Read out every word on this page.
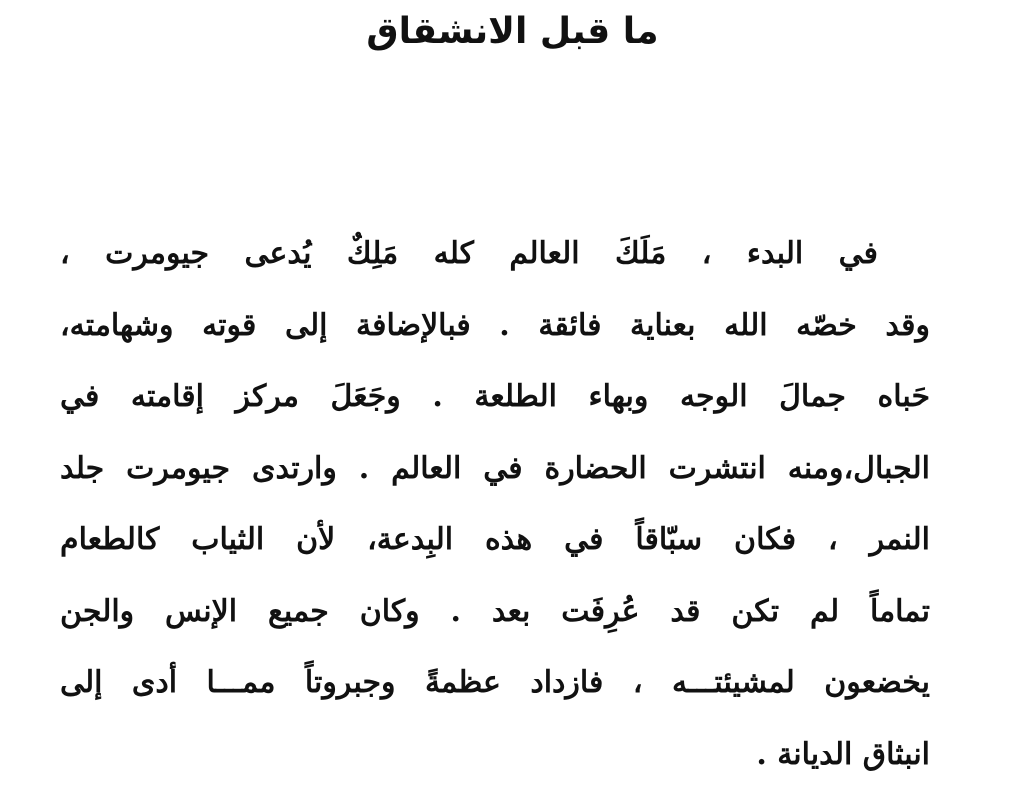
ما قبل الانشقاق
في البدء ، مَلَكَ العالم كله مَلِكٌ يُدعى جيومرت ،
وقد خصّه الله بعناية فائقة . فبالإضافة إلى قوته وشهامته،
حَباه جمالَ الوجه وبهاء الطلعة . وجَعَلَ مركز إقامته في
الجبال،ومنه انتشرت الحضارة في العالم . وارتدى جيومرت جلد
النمر ، فكان سبّاقاً في هذه البِدعة، لأن الثياب كالطعام
تماماً لم تكن قد عُرِفَت بعد . وكان جميع الإنس والجن
يخضعون لمشيئتـــه ، فازداد عظمةً وجبروتاً ممـــا أدى إلى
انبثاق الديانة .
